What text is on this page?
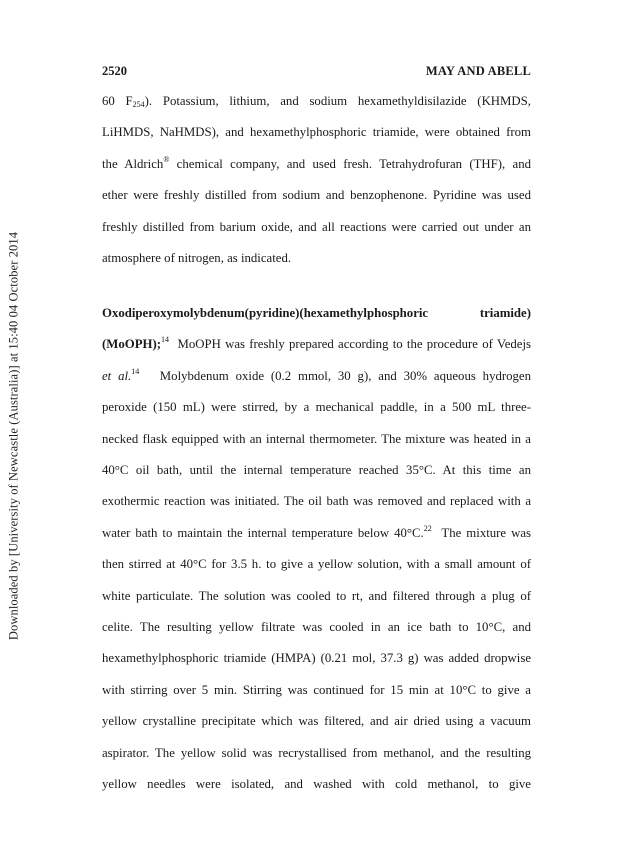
Downloaded by [University of Newcastle (Australia)] at 15:40 04 October 2014
2520	MAY AND ABELL
60 $F_{254}$). Potassium, lithium, and sodium hexamethyldisilazide (KHMDS,
LiHMDS, NaHMDS), and hexamethylphosphoric triamide, were obtained from
the Aldrich® chemical company, and used fresh. Tetrahydrofuran (THF), and
ether were freshly distilled from sodium and benzophenone. Pyridine was used
freshly distilled from barium oxide, and all reactions were carried out under an
atmosphere of nitrogen, as indicated.
Oxodiperoxymolybdenum(pyridine)(hexamethylphosphoric          triamide)
(MoOPH);$^{14}$  MoOPH was freshly prepared according to the procedure of Vedejs
et al.$^{14}$   Molybdenum oxide (0.2 mmol, 30 g), and 30% aqueous hydrogen
peroxide (150 mL) were stirred, by a mechanical paddle, in a 500 mL three-
necked flask equipped with an internal thermometer. The mixture was heated in a
40°C oil bath, until the internal temperature reached 35°C. At this time an
exothermic reaction was initiated. The oil bath was removed and replaced with a
water bath to maintain the internal temperature below 40°C.$^{22}$  The mixture was
then stirred at 40°C for 3.5 h. to give a yellow solution, with a small amount of
white particulate. The solution was cooled to rt, and filtered through a plug of
celite. The resulting yellow filtrate was cooled in an ice bath to 10°C, and
hexamethylphosphoric triamide (HMPA) (0.21 mol, 37.3 g) was added dropwise
with stirring over 5 min. Stirring was continued for 15 min at 10°C to give a
yellow crystalline precipitate which was filtered, and air dried using a vacuum
aspirator. The yellow solid was recrystallised from methanol, and the resulting
yellow needles were isolated, and washed with cold methanol, to give
